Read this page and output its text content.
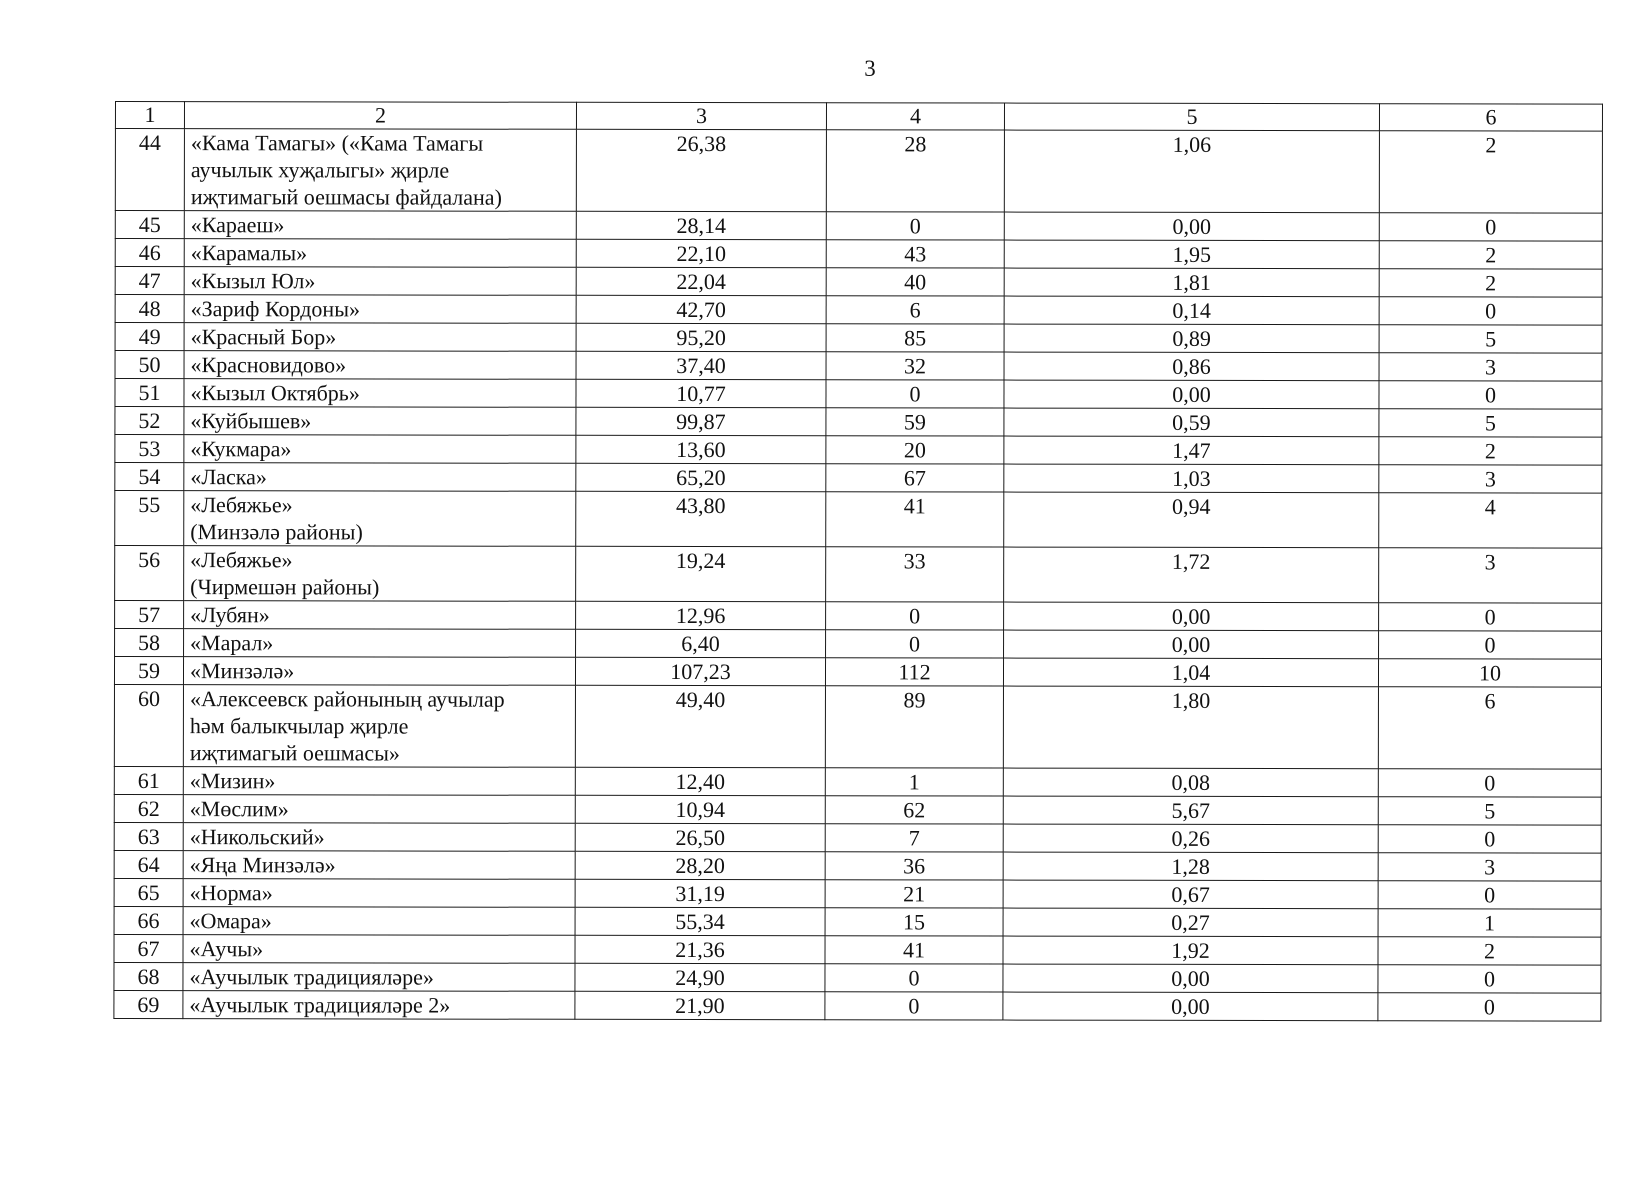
3
1	2	3	4	5	6
44	«Кама Тамагы» («Кама Тамагы
аучылык хуҗалыгы» җирле
иҗтимагый оешмасы файдалана)	26,38	28	1,06	2
45	«Караеш»	28,14	0	0,00	0
46	«Карамалы»	22,10	43	1,95	2
47	«Кызыл Юл»	22,04	40	1,81	2
48	«Зариф Кордоны»	42,70	6	0,14	0
49	«Красный Бор»	95,20	85	0,89	5
50	«Красновидово»	37,40	32	0,86	3
51	«Кызыл Октябрь»	10,77	0	0,00	0
52	«Куйбышев»	99,87	59	0,59	5
53	«Кукмара»	13,60	20	1,47	2
54	«Ласка»	65,20	67	1,03	3
55	«Лебяжье»
(Минзәлә районы)	43,80	41	0,94	4
56	«Лебяжье»
(Чирмешән районы)	19,24	33	1,72	3
57	«Лубян»	12,96	0	0,00	0
58	«Марал»	6,40	0	0,00	0
59	«Минзәлә»	107,23	112	1,04	10
60	«Алексеевск районының аучылар
һәм балыкчылар җирле
иҗтимагый оешмасы»	49,40	89	1,80	6
61	«Мизин»	12,40	1	0,08	0
62	«Мөслим»	10,94	62	5,67	5
63	«Никольский»	26,50	7	0,26	0
64	«Яңа Минзәлә»	28,20	36	1,28	3
65	«Норма»	31,19	21	0,67	0
66	«Омара»	55,34	15	0,27	1
67	«Аучы»	21,36	41	1,92	2
68	«Аучылык традицияләре»	24,90	0	0,00	0
69	«Аучылык традицияләре 2»	21,90	0	0,00	0
